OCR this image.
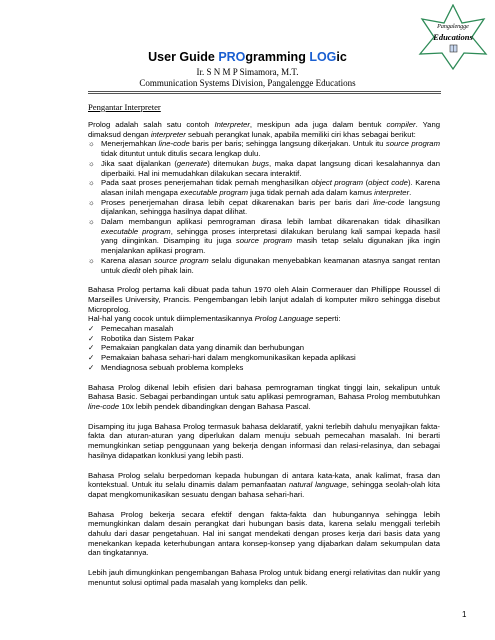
Pangalengge
Educations
User Guide PROgramming LOGic
Ir. S N M P Simamora, M.T.
Communication Systems Division, Pangalengge Educations
Pengantar Interpreter

Prolog adalah salah satu contoh Interpreter, meskipun ada juga dalam bentuk compiler. Yang dimaksud dengan interpreter sebuah perangkat lunak, apabila memiliki ciri khas sebagai berikut:

☼ Menerjemahkan line-code baris per baris; sehingga langsung dikerjakan. Untuk itu source program tidak dituntut untuk ditulis secara lengkap dulu.
☼ Jika saat dijalankan (generate) ditemukan bugs, maka dapat langsung dicari kesalahannya dan diperbaiki. Hal ini memudahkan dilakukan secara interaktif.
☼ Pada saat proses penerjemahan tidak pernah menghasilkan object program (object code). Karena alasan inilah mengapa executable program juga tidak pernah ada dalam kamus interpreter.
☼ Proses penerjemahan dirasa lebih cepat dikarenakan baris per baris dari line-code langsung dijalankan, sehingga hasilnya dapat dilihat.
☼ Dalam membangun aplikasi pemrograman dirasa lebih lambat dikarenakan tidak dihasilkan executable program, sehingga proses interpretasi dilakukan berulang kali sampai kepada hasil yang diinginkan. Disamping itu juga source program masih tetap selalu digunakan jika ingin menjalankan aplikasi program.
☼ Karena alasan source program selalu digunakan menyebabkan keamanan atasnya sangat rentan untuk diedit oleh pihak lain.

Bahasa Prolog pertama kali dibuat pada tahun 1970 oleh Alain Cormerauer dan Phillippe Roussel di Marseilles University, Prancis. Pengembangan lebih lanjut adalah di komputer mikro sehingga disebut Microprolog.
Hal-hal yang cocok untuk diimplementasikannya Prolog Language seperti:

✓ Pemecahan masalah
✓ Robotika dan Sistem Pakar
✓ Pemakaian pangkalan data yang dinamik dan berhubungan
✓ Pemakaian bahasa sehari-hari dalam mengkomunikasikan kepada aplikasi
✓ Mendiagnosa sebuah problema kompleks

Bahasa Prolog dikenal lebih efisien dari bahasa pemrograman tingkat tinggi lain, sekalipun untuk Bahasa Basic. Sebagai perbandingan untuk satu aplikasi pemrograman, Bahasa Prolog membutuhkan line-code 10x lebih pendek dibandingkan dengan Bahasa Pascal.

Disamping itu juga Bahasa Prolog termasuk bahasa deklaratif, yakni terlebih dahulu menyajikan fakta-fakta dan aturan-aturan yang diperlukan dalam menuju sebuah pemecahan masalah. Ini berarti memungkinkan setiap penggunaan yang bekerja dengan informasi dan relasi-relasinya, dan sebagai hasilnya didapatkan konklusi yang lebih pasti.

Bahasa Prolog selalu berpedoman kepada hubungan di antara kata-kata, anak kalimat, frasa dan kontekstual. Untuk itu selalu dinamis dalam pemanfaatan natural language, sehingga seolah-olah kita dapat mengkomunikasikan sesuatu dengan bahasa sehari-hari.

Bahasa Prolog bekerja secara efektif dengan fakta-fakta dan hubungannya sehingga lebih memungkinkan dalam desain perangkat dari hubungan basis data, karena selalu menggali terlebih dahulu dari dasar pengetahuan. Hal ini sangat mendekati dengan proses kerja dari basis data yang menekankan kepada keterhubungan antara konsep-konsep yang dijabarkan dalam sekumpulan data dan tingkatannya.

Lebih jauh dimungkinkan pengembangan Bahasa Prolog untuk bidang energi relativitas dan nuklir yang menuntut solusi optimal pada masalah yang kompleks dan pelik.

1
